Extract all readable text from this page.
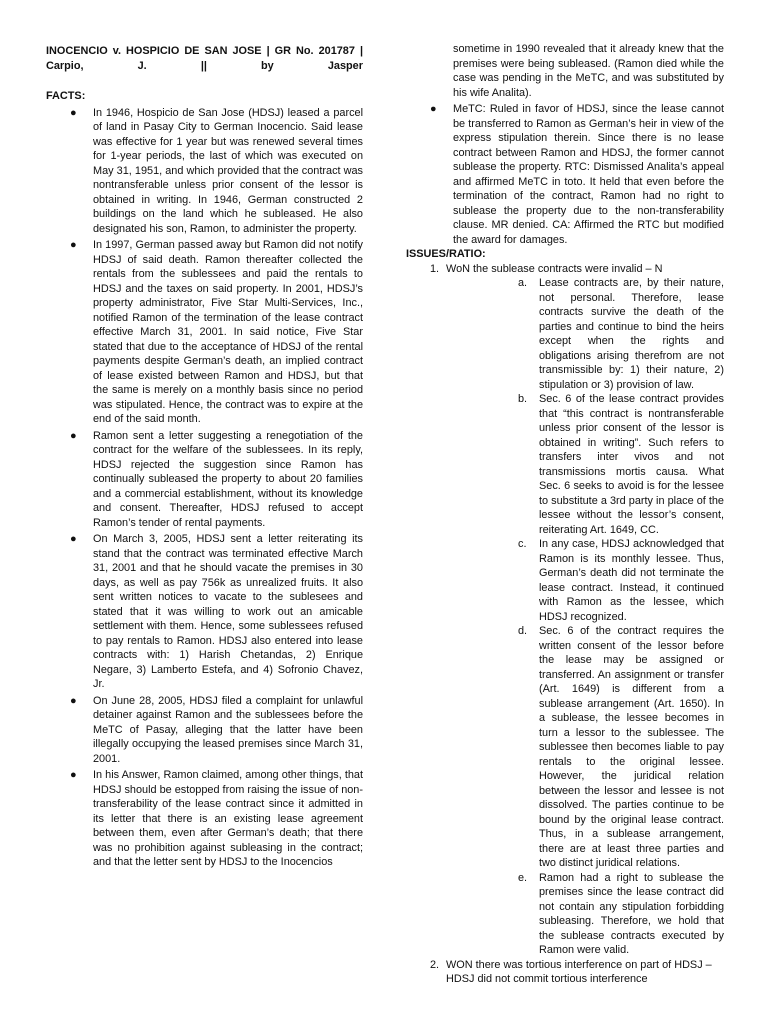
INOCENCIO v. HOSPICIO DE SAN JOSE | GR No. 201787 |
Carpio,	J.	||	by	Jasper
FACTS:
● In 1946, Hospicio de San Jose (HDSJ) leased a parcel of land in Pasay City to German Inocencio. Said lease was effective for 1 year but was renewed several times for 1-year periods, the last of which was executed on May 31, 1951, and which provided that the contract was nontransferable unless prior consent of the lessor is obtained in writing. In 1946, German constructed 2 buildings on the land which he subleased. He also designated his son, Ramon, to administer the property.
● In 1997, German passed away but Ramon did not notify HDSJ of said death. Ramon thereafter collected the rentals from the sublessees and paid the rentals to HDSJ and the taxes on said property. In 2001, HDSJ’s property administrator, Five Star Multi-Services, Inc., notified Ramon of the termination of the lease contract effective March 31, 2001. In said notice, Five Star stated that due to the acceptance of HDSJ of the rental payments despite German’s death, an implied contract of lease existed between Ramon and HDSJ, but that the same is merely on a monthly basis since no period was stipulated. Hence, the contract was to expire at the end of the said month.
● Ramon sent a letter suggesting a renegotiation of the contract for the welfare of the sublessees. In its reply, HDSJ rejected the suggestion since Ramon has continually subleased the property to about 20 families and a commercial establishment, without its knowledge and consent. Thereafter, HDSJ refused to accept Ramon’s tender of rental payments.
● On March 3, 2005, HDSJ sent a letter reiterating its stand that the contract was terminated effective March 31, 2001 and that he should vacate the premises in 30 days, as well as pay 756k as unrealized fruits. It also sent written notices to vacate to the sublesees and stated that it was willing to work out an amicable settlement with them. Hence, some sublessees refused to pay rentals to Ramon. HDSJ also entered into lease contracts with: 1) Harish Chetandas, 2) Enrique Negare, 3) Lamberto Estefa, and 4) Sofronio Chavez, Jr.
● On June 28, 2005, HDSJ filed a complaint for unlawful detainer against Ramon and the sublessees before the MeTC of Pasay, alleging that the latter have been illegally occupying the leased premises since March 31, 2001.
● In his Answer, Ramon claimed, among other things, that HDSJ should be estopped from raising the issue of non-transferability of the lease contract since it admitted in its letter that there is an existing lease agreement between them, even after German’s death; that there was no prohibition against subleasing in the contract; and that the letter sent by HDSJ to the Inocencios
sometime in 1990 revealed that it already knew that the premises were being subleased. (Ramon died while the case was pending in the MeTC, and was substituted by his wife Analita).
● MeTC: Ruled in favor of HDSJ, since the lease cannot be transferred to Ramon as German’s heir in view of the express stipulation therein. Since there is no lease contract between Ramon and HDSJ, the former cannot sublease the property. RTC: Dismissed Analita’s appeal and affirmed MeTC in toto. It held that even before the termination of the contract, Ramon had no right to sublease the property due to the non-transferability clause. MR denied. CA: Affirmed the RTC but modified the award for damages.
ISSUES/RATIO:
1. WoN the sublease contracts were invalid – N
a. Lease contracts are, by their nature, not personal. Therefore, lease contracts survive the death of the parties and continue to bind the heirs except when the rights and obligations arising therefrom are not transmissible by: 1) their nature, 2) stipulation or 3) provision of law.
b. Sec. 6 of the lease contract provides that “this contract is nontransferable unless prior consent of the lessor is obtained in writing”. Such refers to transfers inter vivos and not transmissions mortis causa. What Sec. 6 seeks to avoid is for the lessee to substitute a 3rd party in place of the lessee without the lessor’s consent, reiterating Art. 1649, CC.
c. In any case, HDSJ acknowledged that Ramon is its monthly lessee. Thus, German’s death did not terminate the lease contract. Instead, it continued with Ramon as the lessee, which HDSJ recognized.
d. Sec. 6 of the contract requires the written consent of the lessor before the lease may be assigned or transferred. An assignment or transfer (Art. 1649) is different from a sublease arrangement (Art. 1650). In a sublease, the lessee becomes in turn a lessor to the sublessee. The sublessee then becomes liable to pay rentals to the original lessee. However, the juridical relation between the lessor and lessee is not dissolved. The parties continue to be bound by the original lease contract. Thus, in a sublease arrangement, there are at least three parties and two distinct juridical relations.
e. Ramon had a right to sublease the premises since the lease contract did not contain any stipulation forbidding subleasing. Therefore, we hold that the sublease contracts executed by Ramon were valid.
2. WON there was tortious interference on part of HDSJ – HDSJ did not commit tortious interference
